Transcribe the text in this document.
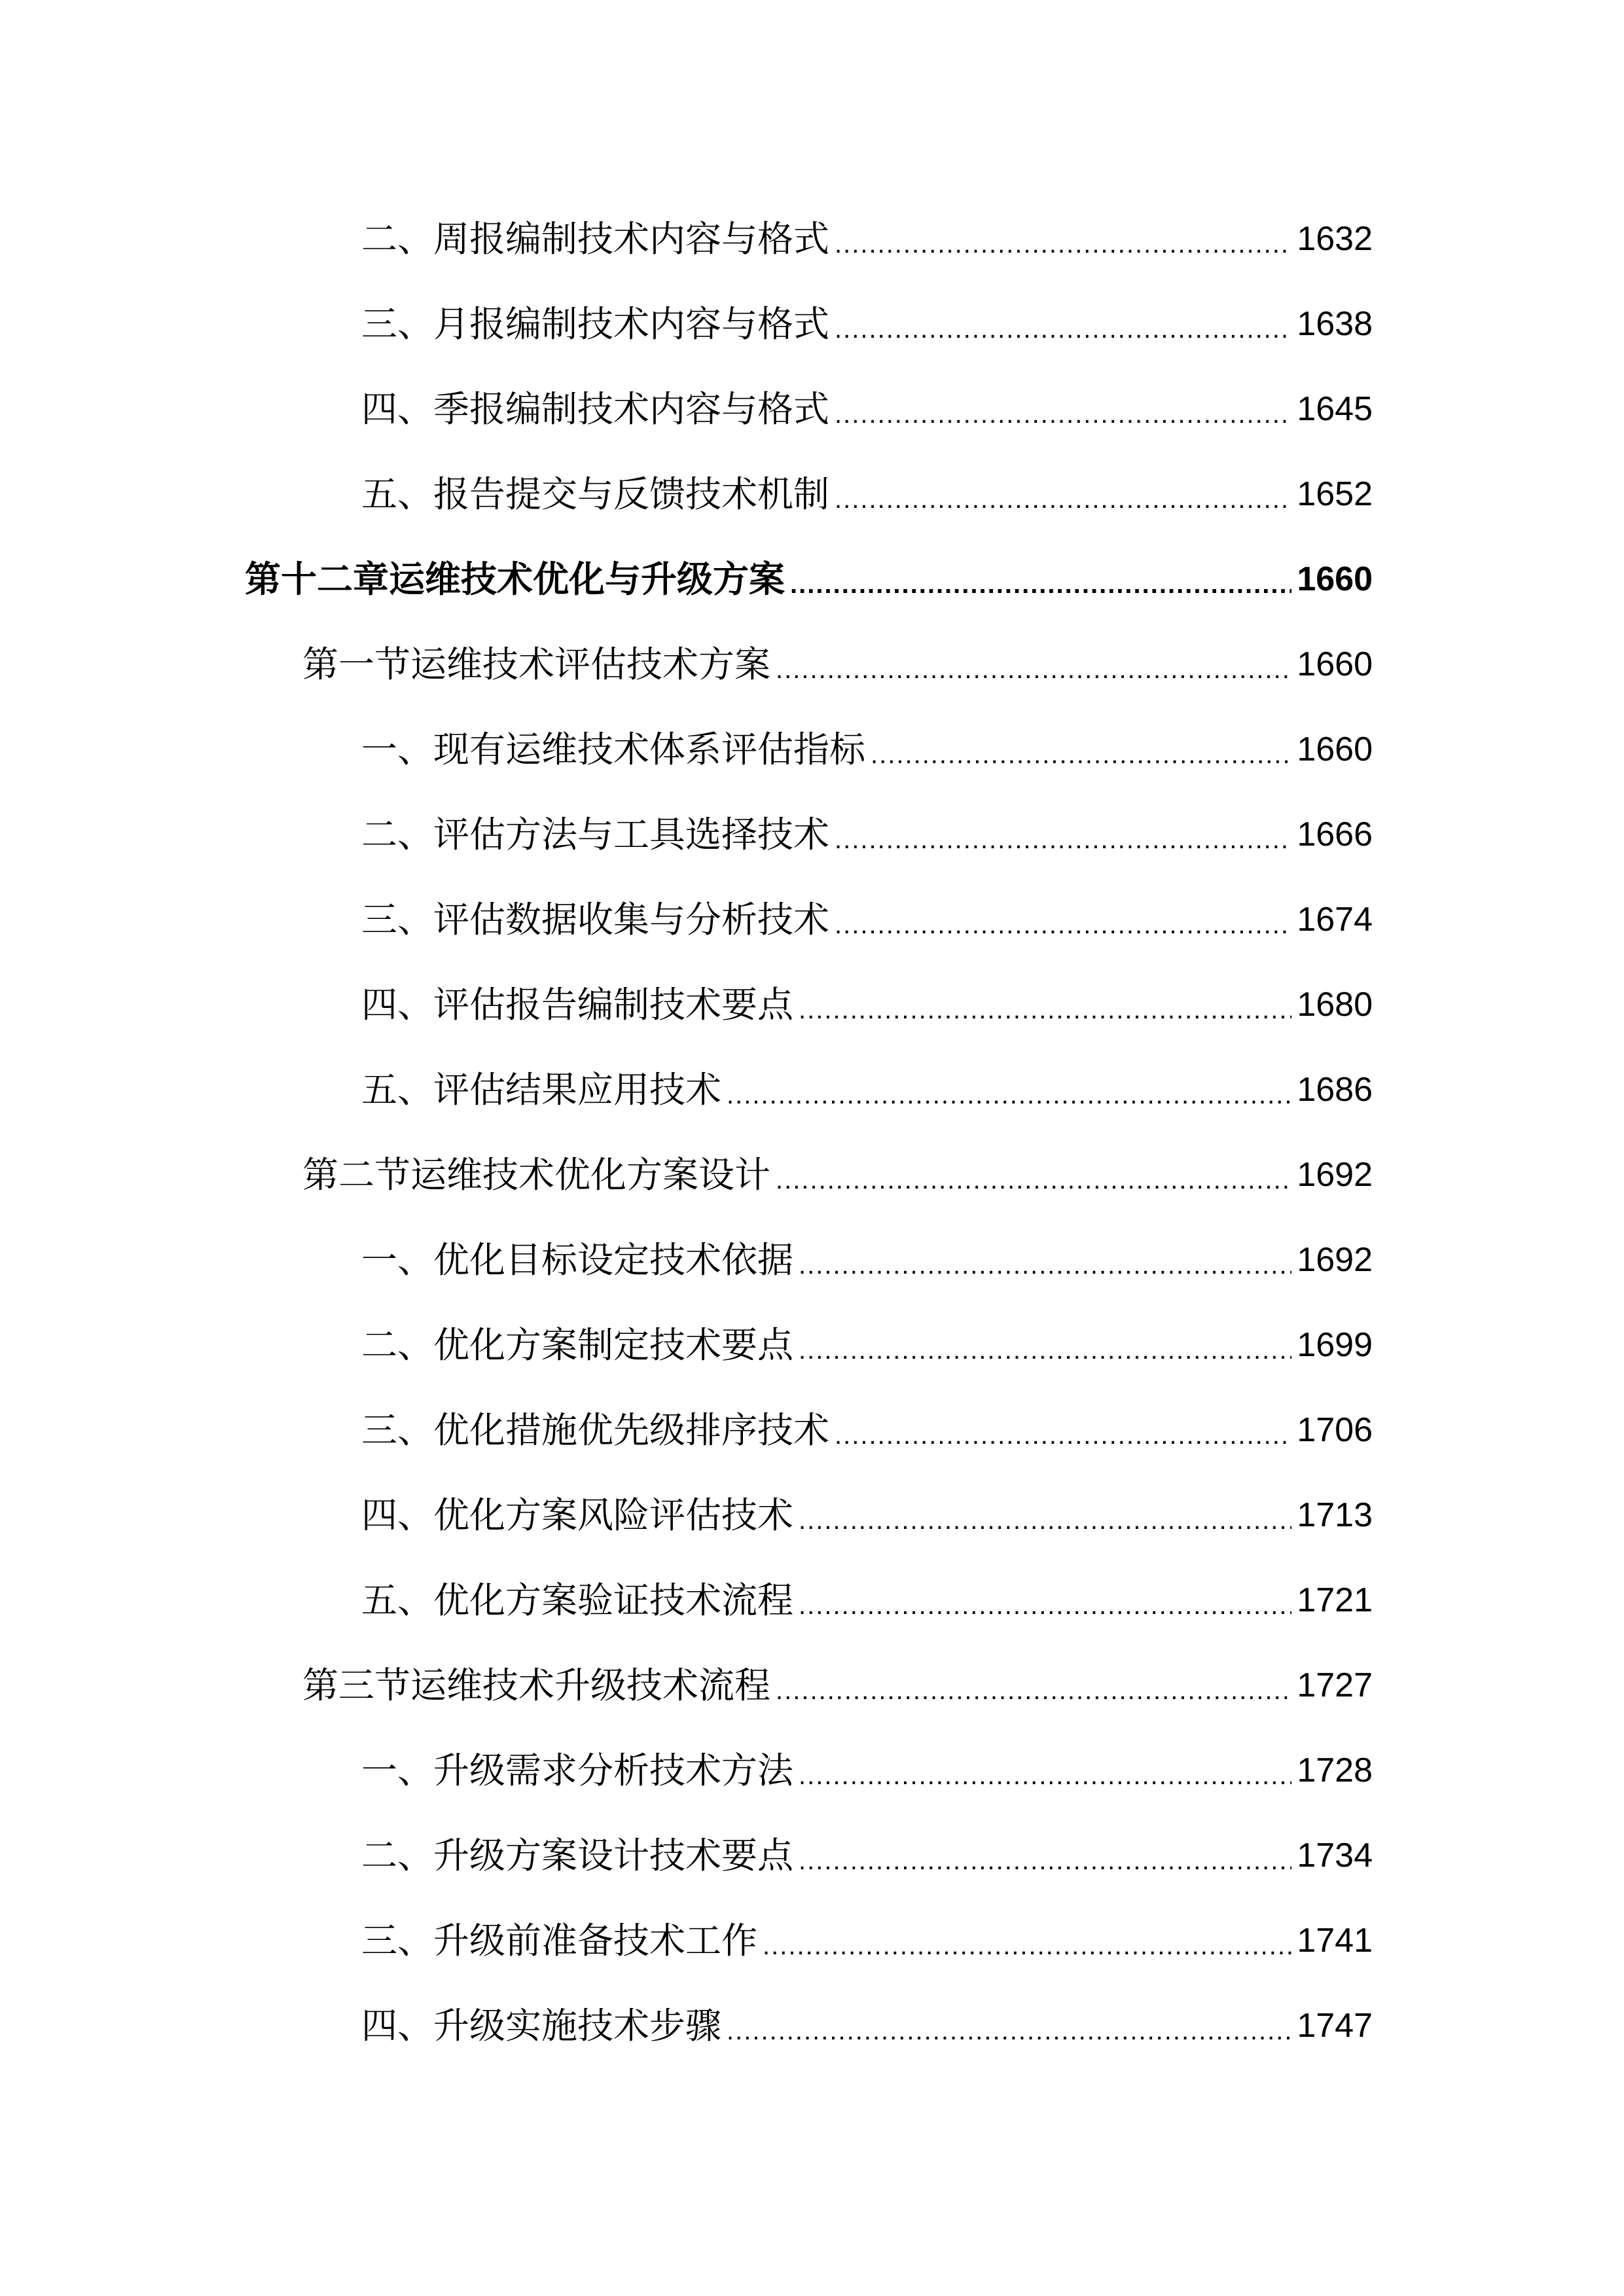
二、周报编制技术内容与格式 .....	1632
三、月报编制技术内容与格式 .....	1638
四、季报编制技术内容与格式 .....	1645
五、报告提交与反馈技术机制 .....	1652
第十二章运维技术优化与升级方案 .....	1660
第一节运维技术评估技术方案 .....	1660
一、现有运维技术体系评估指标 .....	1660
二、评估方法与工具选择技术 .....	1666
三、评估数据收集与分析技术 .....	1674
四、评估报告编制技术要点 .....	1680
五、评估结果应用技术 .....	1686
第二节运维技术优化方案设计 .....	1692
一、优化目标设定技术依据 .....	1692
二、优化方案制定技术要点 .....	1699
三、优化措施优先级排序技术 .....	1706
四、优化方案风险评估技术 .....	1713
五、优化方案验证技术流程 .....	1721
第三节运维技术升级技术流程 .....	1727
一、升级需求分析技术方法 .....	1728
二、升级方案设计技术要点 .....	1734
三、升级前准备技术工作 .....	1741
四、升级实施技术步骤 .....	1747
